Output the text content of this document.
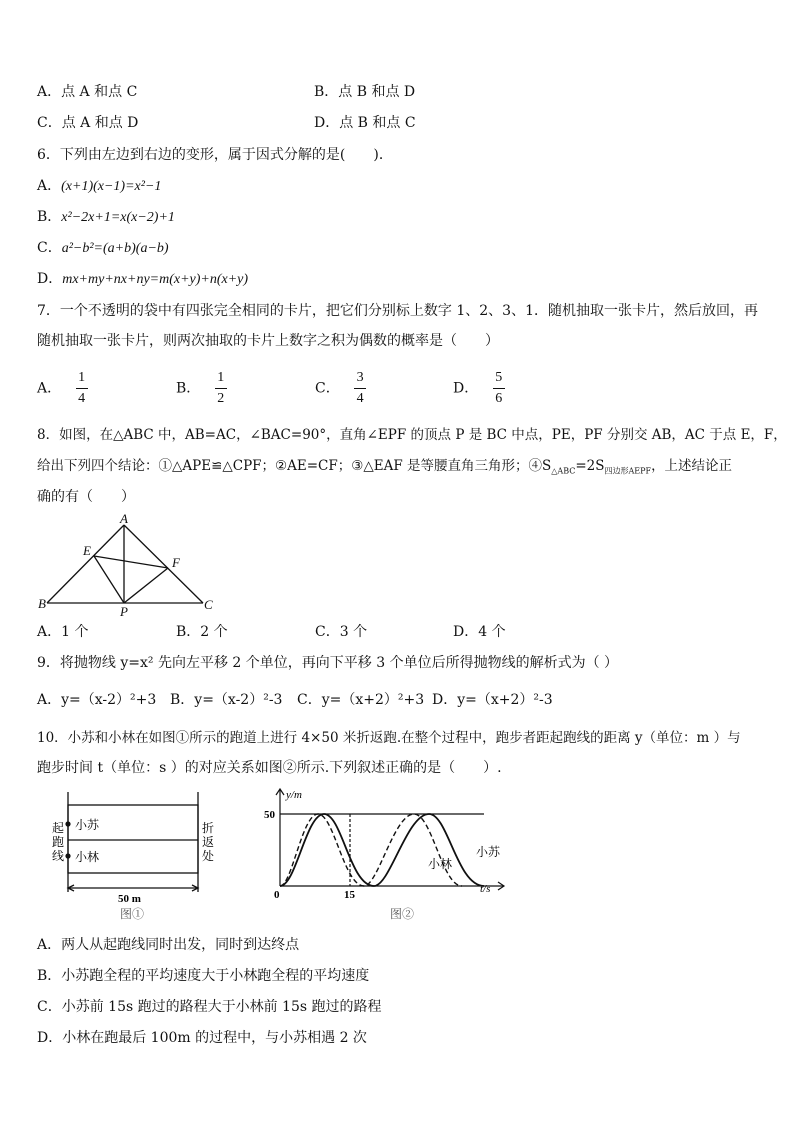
A．点 A 和点 C	B．点 B 和点 D
C．点 A 和点 D	D．点 B 和点 C
6．下列由左边到右边的变形，属于因式分解的是(　　)．
A．(x+1)(x−1)=x²−1
B．x²−2x+1=x(x−2)+1
C．a²−b²=(a+b)(a−b)
D．mx+my+nx+ny=m(x+y)+n(x+y)
7．一个不透明的袋中有四张完全相同的卡片，把它们分别标上数字 1、2、3、1．随机抽取一张卡片，然后放回，再
随机抽取一张卡片，则两次抽取的卡片上数字之积为偶数的概率是（　　）
A． $\frac{1}{4}$	B． $\frac{1}{2}$	C． $\frac{3}{4}$	D． $\frac{5}{6}$
8．如图，在△ABC 中，AB=AC，∠BAC=90°，直角∠EPF 的顶点 P 是 BC 中点，PE，PF 分别交 AB，AC 于点 E，F，
给出下列四个结论：①△APE≌△CPF；②AE=CF；③△EAF 是等腰直角三角形；$④S_{\triangle ABC}=2S_{四边形AEPF}$，上述结论正
确的有（　　）
A
B	C
E
F
P
A．1 个	B．2 个	C．3 个	D．4 个
9．将抛物线 y=x² 先向左平移 2 个单位，再向下平移 3 个单位后所得抛物线的解析式为（ ）
A．y=（x-2）²+3 B．y=（x-2）²-3 C．y=（x+2）²+3 D．y=（x+2）²-3
10．小苏和小林在如图①所示的跑道上进行 4×50 米折返跑.在整个过程中，跑步者距起跑线的距离 y（单位：m ）与
跑步时间 t（单位：s ）的对应关系如图②所示.下列叙述正确的是（　　）.
小苏
小林
起跑线
折返处
50 m
图①
y/m
t/s
50
15
0
小林
小苏
图②
A．两人从起跑线同时出发，同时到达终点
B．小苏跑全程的平均速度大于小林跑全程的平均速度
C．小苏前 15s 跑过的路程大于小林前 15s 跑过的路程
D．小林在跑最后 100m 的过程中，与小苏相遇 2 次
